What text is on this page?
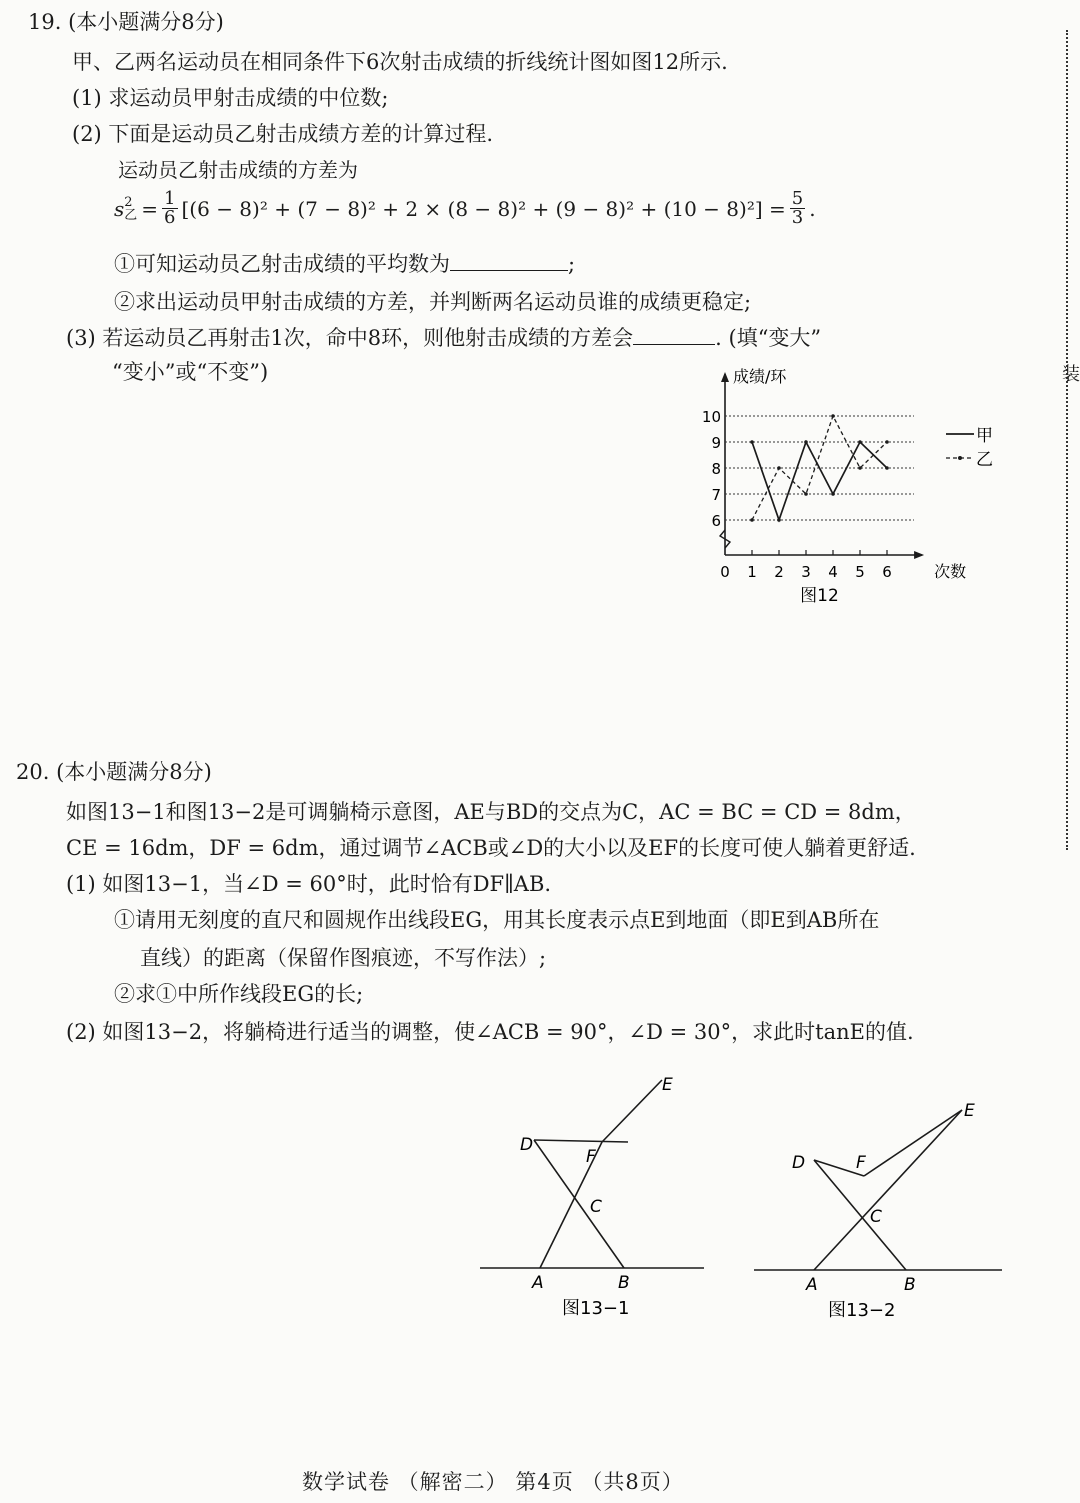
19. (本小题满分8分)
甲、乙两名运动员在相同条件下6次射击成绩的折线统计图如图12所示.
(1) 求运动员甲射击成绩的中位数;
(2) 下面是运动员乙射击成绩方差的计算过程.
运动员乙射击成绩的方差为
s 2
乙 = $\frac{1}{6} [(6 - 8)^2 + (7 - 8)^2 + 2 \times (8 - 8)^2 + (9 - 8)^2 + (10 - 8)^2] = \frac{5}{3}$ .
①可知运动员乙射击成绩的平均数为	;
②求出运动员甲射击成绩的方差，并判断两名运动员谁的成绩更稳定;
(3) 若运动员乙再射击1次，命中8环，则他射击成绩的方差会	. (填“变大”
“变小”或“不变”)	成绩/环
6
7
8
9
10
0 1 2 3 4 5 6	次数
图12
甲
乙
20. (本小题满分8分)
如图13−1和图13−2是可调躺椅示意图，AE与BD的交点为C，AC = BC = CD = 8dm，
CE = 16dm，DF = 6dm，通过调节∠ACB或∠D的大小以及EF的长度可使人躺着更舒适.
(1) 如图13−1，当∠D = 60°时，此时恰有DF∥AB.
①请用无刻度的直尺和圆规作出线段EG，用其长度表示点E到地面（即E到AB所在
直线）的距离（保留作图痕迹，不写作法）;
②求①中所作线段EG的长;
(2) 如图13−2，将躺椅进行适当的调整，使∠ACB = 90°，∠D = 30°，求此时tanE的值.
E
D
F
C
A	B
图13−1
E
D	F
C
A	B
图13−2
数学试卷 （解密二） 第4页 （共8页）
装
